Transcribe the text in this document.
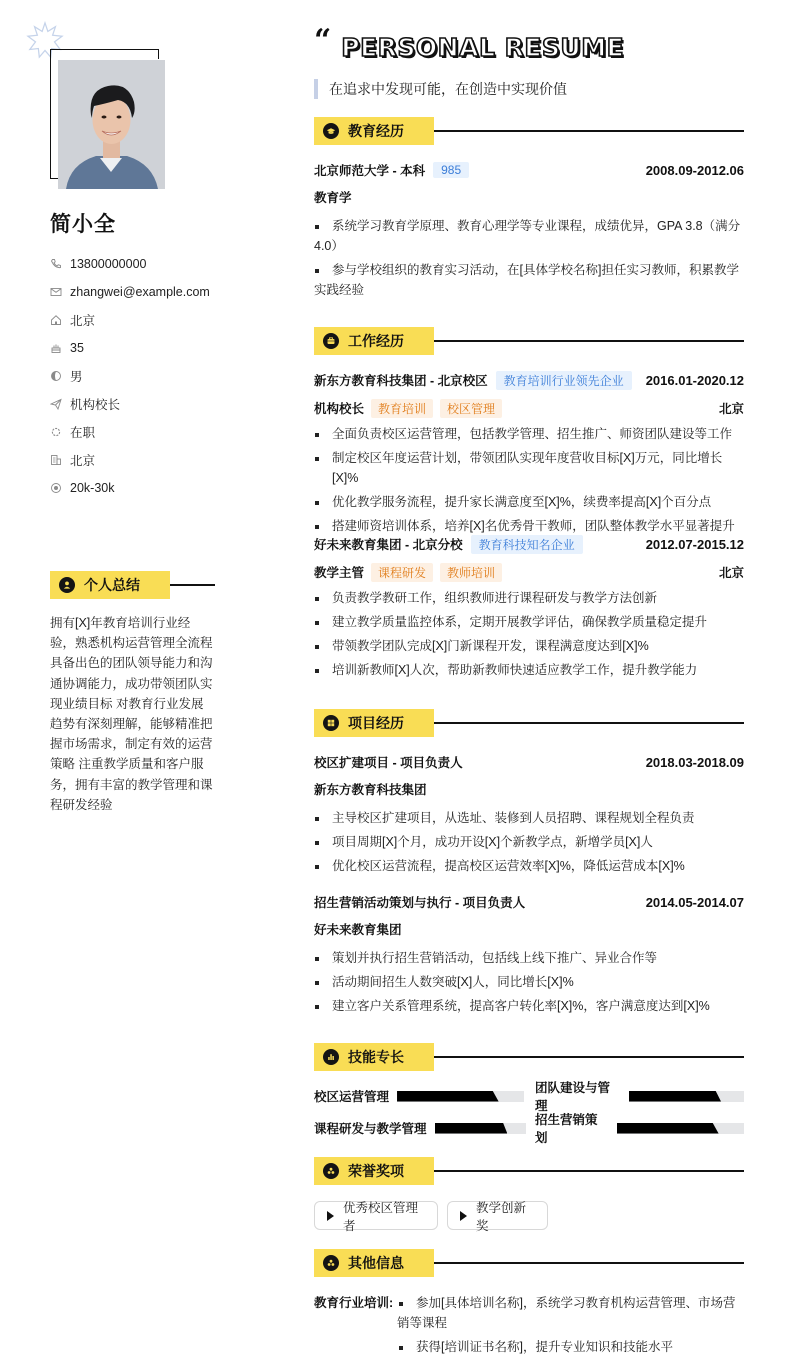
简小全
13800000000
zhangwei@example.com
北京
35
男
机构校长
在职
北京
20k-30k
个人总结
拥有[X]年教育培训行业经验，熟悉机构运营管理全流程 具备出色的团队领导能力和沟通协调能力，成功带领团队实现业绩目标 对教育行业发展趋势有深刻理解，能够精准把握市场需求，制定有效的运营策略 注重教学质量和客户服务，拥有丰富的教学管理和课程研发经验
“ PERSONAL RESUME
在追求中发现可能，在创造中实现价值
教育经历
北京师范大学 - 本科	985	2008.09-2012.06
教育学
系统学习教育学原理、教育心理学等专业课程，成绩优异，GPA 3.8（满分4.0）
参与学校组织的教育实习活动，在[具体学校名称]担任实习教师，积累教学实践经验
工作经历
新东方教育科技集团 - 北京校区	教育培训行业领先企业	2016.01-2020.12
机构校长	教育培训	校区管理	北京
全面负责校区运营管理，包括教学管理、招生推广、师资团队建设等工作
制定校区年度运营计划，带领团队实现年度营收目标[X]万元，同比增长[X]%
优化教学服务流程，提升家长满意度至[X]%，续费率提高[X]个百分点
搭建师资培训体系，培养[X]名优秀骨干教师，团队整体教学水平显著提升
好未来教育集团 - 北京分校	教育科技知名企业	2012.07-2015.12
教学主管	课程研发	教师培训	北京
负责教学教研工作，组织教师进行课程研发与教学方法创新
建立教学质量监控体系，定期开展教学评估，确保教学质量稳定提升
带领教学团队完成[X]门新课程开发，课程满意度达到[X]%
培训新教师[X]人次，帮助新教师快速适应教学工作，提升教学能力
项目经历
校区扩建项目 - 项目负责人	2018.03-2018.09
新东方教育科技集团
主导校区扩建项目，从选址、装修到人员招聘、课程规划全程负责
项目周期[X]个月，成功开设[X]个新教学点，新增学员[X]人
优化校区运营流程，提高校区运营效率[X]%，降低运营成本[X]%
招生营销活动策划与执行 - 项目负责人	2014.05-2014.07
好未来教育集团
策划并执行招生营销活动，包括线上线下推广、异业合作等
活动期间招生人数突破[X]人，同比增长[X]%
建立客户关系管理系统，提高客户转化率[X]%，客户满意度达到[X]%
技能专长
校区运营管理
团队建设与管理
课程研发与教学管理
招生营销策划
荣誉奖项
优秀校区管理者
教学创新奖
其他信息
教育行业培训:	参加[具体培训名称]，系统学习教育机构运营管理、市场营销等课程
获得[培训证书名称]，提升专业知识和技能水平
